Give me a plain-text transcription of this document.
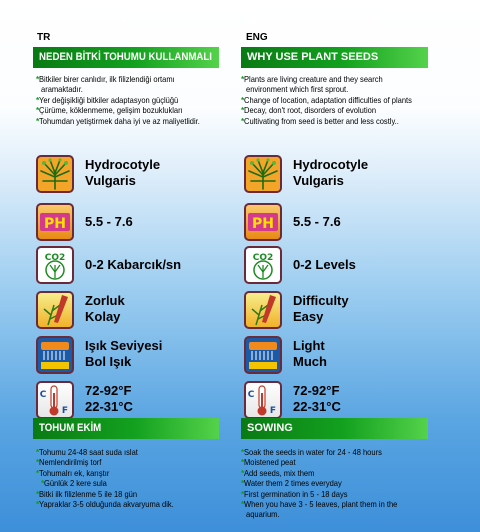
TR
NEDEN BİTKİ TOHUMU KULLANMALI
*Bitkiler birer canlıdır, ilk filizlendiği ortamı
aramaktadır.
*Yer değişikliği bitkiler adaptasyon güçlüğü
*Çürüme, köklenmeme, gelişim bozuklukları
*Tohumdan yetiştirmek daha iyi ve az maliyetlidir.
Hydrocotyle
Vulgaris
PH 5.5 - 7.6
CO2 0-2 Kabarcık/sn
Zorluk
Kolay
Işık Seviyesi
Bol Işık
C
F
72-92°F
22-31°C
TOHUM EKİM
*Tohumu 24-48 saat suda ıslat
*Nemlendirilmiş torf
*Tohumalrı ek, karıştır
*Günlük 2 kere sula
*Bitki ilk filizlenme 5 ile 18 gün
*Yapraklar 3-5 olduğunda akvaryuma dik.
ENG
WHY USE PLANT SEEDS
*Plants are living creature and they search
environment which first sprout.
*Change of location, adaptation difficulties of plants
*Decay, don't root, disorders of evolution
*Cultivating from seed is better and less costly..
Hydrocotyle
Vulgaris
PH 5.5 - 7.6
CO2 0-2 Levels
Difficulty
Easy
Light
Much
C
F
72-92°F
22-31°C
SOWING
*Soak the seeds in water for 24 - 48 hours
*Moistened peat
*Add seeds, mix them
*Water them 2 times everyday
*First germination in 5 - 18 days
*When you have 3 - 5 leaves, plant them in the
aquarium.
